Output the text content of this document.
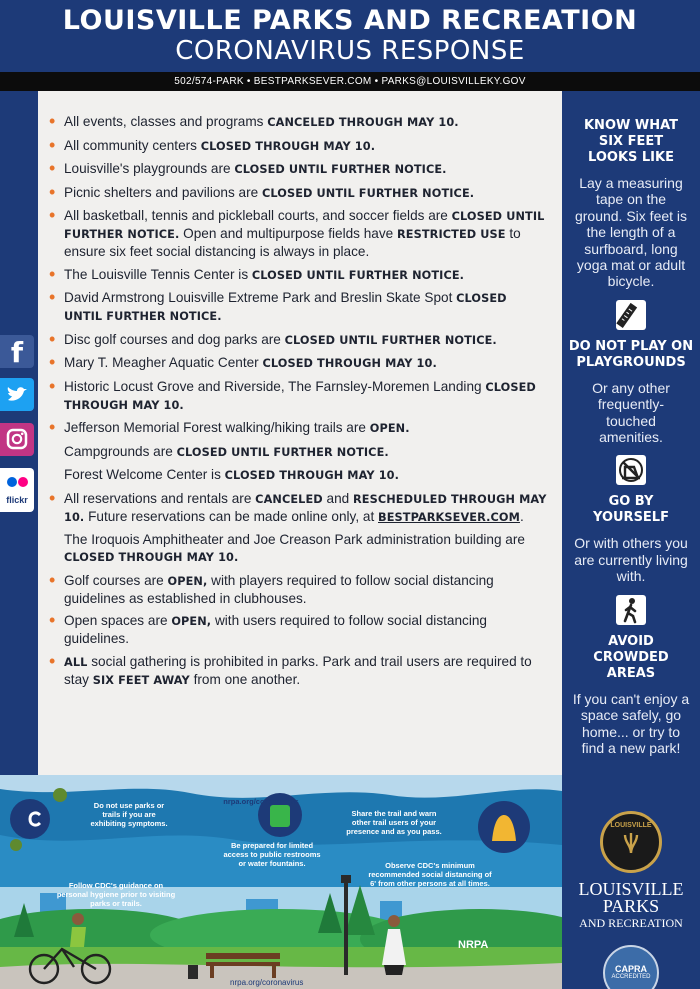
LOUISVILLE PARKS AND RECREATION
CORONAVIRUS RESPONSE
502/574-PARK • BESTPARKSEVER.COM • PARKS@LOUISVILLEKY.GOV
• All events, classes and programs CANCELED THROUGH MAY 10.
• All community centers CLOSED THROUGH MAY 10.
• Louisville's playgrounds are CLOSED UNTIL FURTHER NOTICE.
• Picnic shelters and pavilions are CLOSED UNTIL FURTHER NOTICE.
• All basketball, tennis and pickleball courts, and soccer fields are CLOSED UNTIL FURTHER NOTICE. Open and multipurpose fields have RESTRICTED USE to ensure six feet social distancing is always in place.
• The Louisville Tennis Center is CLOSED UNTIL FURTHER NOTICE.
• David Armstrong Louisville Extreme Park and Breslin Skate Spot CLOSED UNTIL FURTHER NOTICE.
• Disc golf courses and dog parks are CLOSED UNTIL FURTHER NOTICE.
• Mary T. Meagher Aquatic Center CLOSED THROUGH MAY 10.
• Historic Locust Grove and Riverside, The Farnsley-Moremen Landing CLOSED THROUGH MAY 10.
• Jefferson Memorial Forest walking/hiking trails are OPEN.
Campgrounds are CLOSED UNTIL FURTHER NOTICE.
Forest Welcome Center is CLOSED THROUGH MAY 10.
• All reservations and rentals are CANCELED and RESCHEDULED THROUGH MAY 10. Future reservations can be made online only, at BESTPARKSEVER.COM.
The Iroquois Amphitheater and Joe Creason Park administration building are CLOSED THROUGH MAY 10.
• Golf courses are OPEN, with players required to follow social distancing guidelines as established in clubhouses.
• Open spaces are OPEN, with users required to follow social distancing guidelines.
• ALL social gathering is prohibited in parks. Park and trail users are required to stay SIX FEET AWAY from one another.
f
flickr
KNOW WHAT SIX FEET LOOKS LIKE
Lay a measuring tape on the ground. Six feet is the length of a surfboard, long yoga mat or adult bicycle.
DO NOT PLAY ON PLAYGROUNDS
Or any other frequently-touched amenities.
GO BY YOURSELF
Or with others you are currently living with.
AVOID CROWDED AREAS
If you can't enjoy a space safely, go home... or try to find a new park!
Do not use parks or trails if you are exhibiting symptoms.
nrpa.org/coronavirus
Share the trail and warn other trail users of your presence and as you pass.
Be prepared for limited access to public restrooms or water fountains.	Observe CDC's minimum recommended social distancing of 6' from other persons at all times.
Follow CDC's guidance on personal hygiene prior to visiting parks or trails.
NRPA
nrpa.org/coronavirus
LOUISVILLE
LOUISVILLE
PARKS
AND RECREATION
CAPRA
ACCREDITED
